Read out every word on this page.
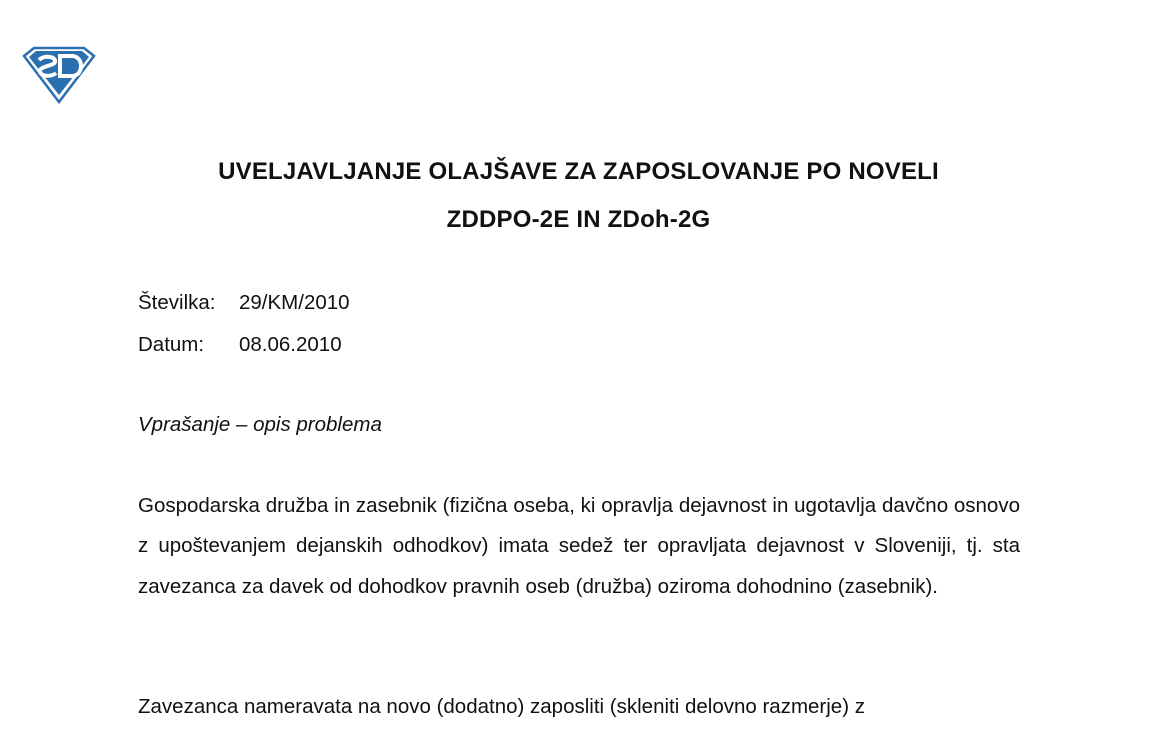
UVELJAVLJANJE OLAJŠAVE ZA ZAPOSLOVANJE PO NOVELI
ZDDPO-2E IN ZDoh-2G
Številka: 29/KM/2010
Datum: 08.06.2010
Vprašanje – opis problema
Gospodarska družba in zasebnik (fizična oseba, ki opravlja dejavnost in ugotavlja davčno osnovo z upoštevanjem dejanskih odhodkov) imata sedež ter opravljata dejavnost v Sloveniji, tj. sta zavezanca za davek od dohodkov pravnih oseb (družba) oziroma dohodnino (zasebnik).
Zavezanca nameravata na novo (dodatno) zaposliti (skleniti delovno razmerje) z
